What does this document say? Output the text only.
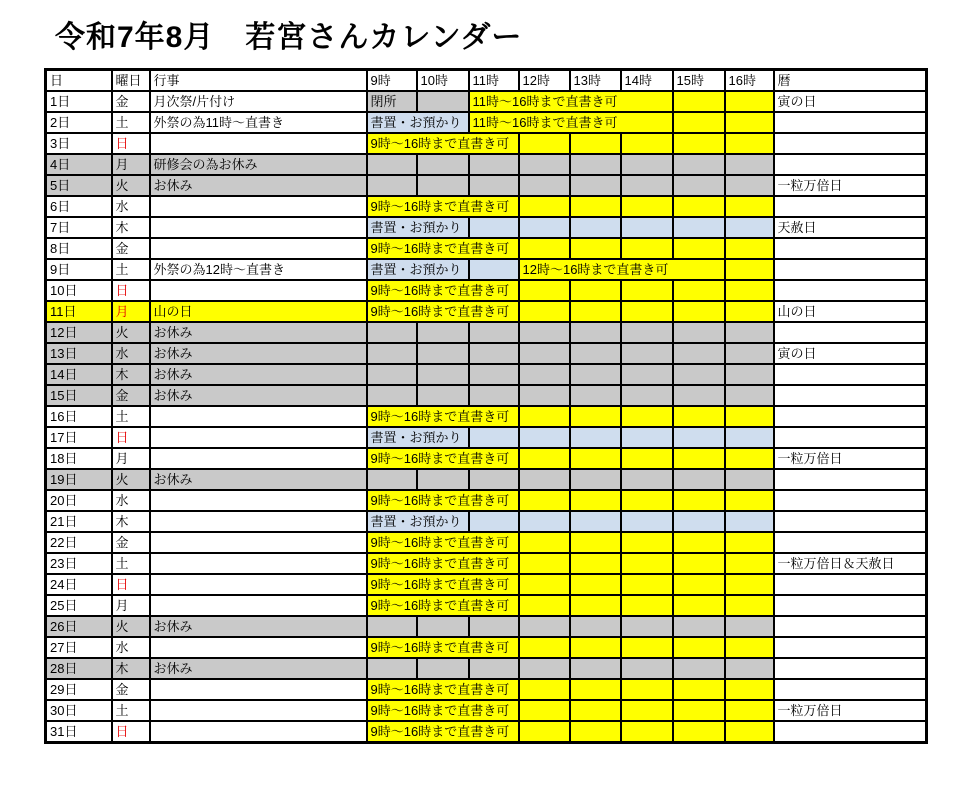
令和7年8月　若宮さんカレンダー
日	曜日	行事	9時	10時	11時	12時	13時	14時	15時	16時	暦
1日	金	月次祭/片付け	閉所		11時～16時まで直書き可						寅の日
2日	土	外祭の為11時～直書き	書置・お預かり		11時～16時まで直書き可						
3日	日		9時～16時まで直書き可								
4日	月	研修会の為お休み									
5日	火	お休み									一粒万倍日
6日	水		9時～16時まで直書き可								
7日	木		書置・お預かり								天赦日
8日	金		9時～16時まで直書き可								
9日	土	外祭の為12時～直書き	書置・お預かり			12時～16時まで直書き可					
10日	日		9時～16時まで直書き可								
11日	月	山の日	9時～16時まで直書き可								山の日
12日	火	お休み									
13日	水	お休み									寅の日
14日	木	お休み									
15日	金	お休み									
16日	土		9時～16時まで直書き可								
17日	日		書置・お預かり								
18日	月		9時～16時まで直書き可								一粒万倍日
19日	火	お休み									
20日	水		9時～16時まで直書き可								
21日	木		書置・お預かり								
22日	金		9時～16時まで直書き可								
23日	土		9時～16時まで直書き可								一粒万倍日＆天赦日
24日	日		9時～16時まで直書き可								
25日	月		9時～16時まで直書き可								
26日	火	お休み									
27日	水		9時～16時まで直書き可								
28日	木	お休み									
29日	金		9時～16時まで直書き可								
30日	土		9時～16時まで直書き可								一粒万倍日
31日	日		9時～16時まで直書き可								
